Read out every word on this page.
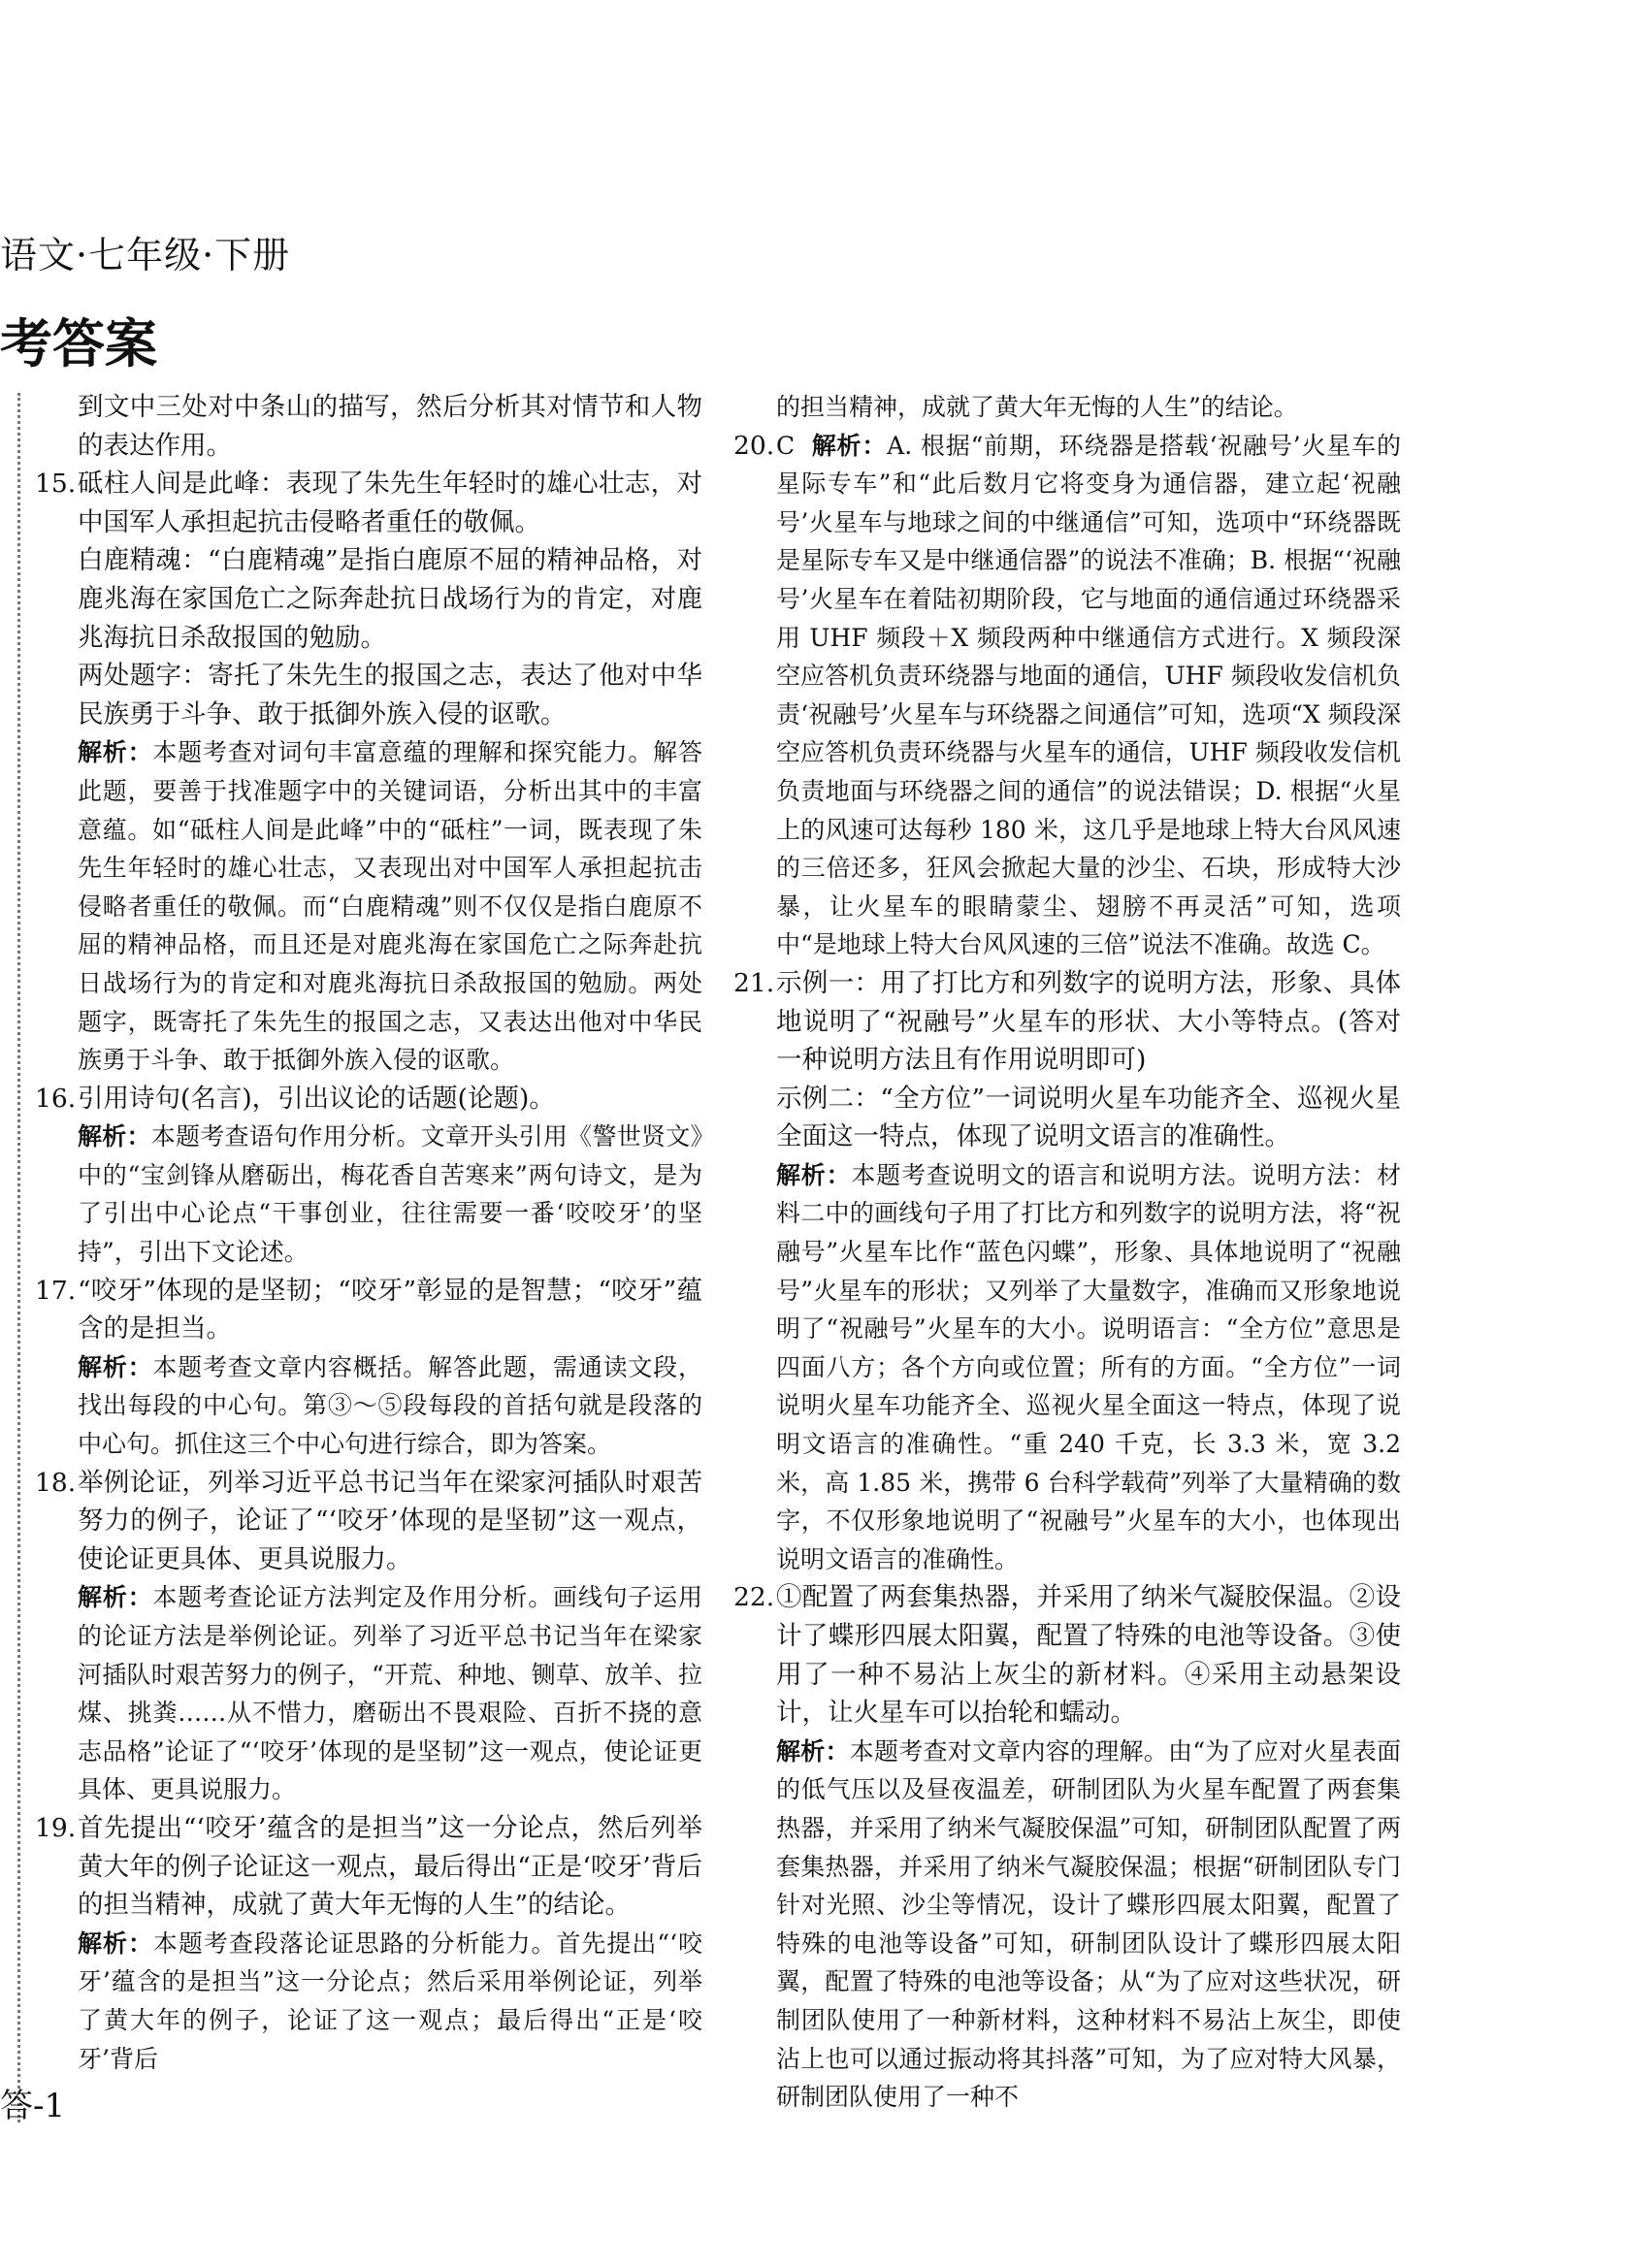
语文·七年级·下册
考答案

到文中三处对中条山的描写，然后分析其对情节和人物的表达作用。

15. 砥柱人间是此峰：表现了朱先生年轻时的雄心壮志，对中国军人承担起抗击侵略者重任的敬佩。

白鹿精魂：“白鹿精魂”是指白鹿原不屈的精神品格，对鹿兆海在家国危亡之际奔赴抗日战场行为的肯定，对鹿兆海抗日杀敌报国的勉励。

两处题字：寄托了朱先生的报国之志，表达了他对中华民族勇于斗争、敢于抵御外族入侵的讴歌。

解析：本题考查对词句丰富意蕴的理解和探究能力。解答此题，要善于找准题字中的关键词语，分析出其中的丰富意蕴。如“砥柱人间是此峰”中的“砥柱”一词，既表现了朱先生年轻时的雄心壮志，又表现出对中国军人承担起抗击侵略者重任的敬佩。而“白鹿精魂”则不仅仅是指白鹿原不屈的精神品格，而且还是对鹿兆海在家国危亡之际奔赴抗日战场行为的肯定和对鹿兆海抗日杀敌报国的勉励。两处题字，既寄托了朱先生的报国之志，又表达出他对中华民族勇于斗争、敢于抵御外族入侵的讴歌。

16. 引用诗句(名言)，引出议论的话题(论题)。

解析：本题考查语句作用分析。文章开头引用《警世贤文》中的“宝剑锋从磨砺出，梅花香自苦寒来”两句诗文，是为了引出中心论点“干事创业，往往需要一番‘咬咬牙’的坚持”，引出下文论述。

17. “咬牙”体现的是坚韧；“咬牙”彰显的是智慧；“咬牙”蕴含的是担当。

解析：本题考查文章内容概括。解答此题，需通读文段，找出每段的中心句。第③～⑤段每段的首括句就是段落的中心句。抓住这三个中心句进行综合，即为答案。

18. 举例论证，列举习近平总书记当年在梁家河插队时艰苦努力的例子，论证了“‘咬牙’体现的是坚韧”这一观点，使论证更具体、更具说服力。

解析：本题考查论证方法判定及作用分析。画线句子运用的论证方法是举例论证。列举了习近平总书记当年在梁家河插队时艰苦努力的例子，“开荒、种地、铡草、放羊、拉煤、挑粪……从不惜力，磨砺出不畏艰险、百折不挠的意志品格”论证了“‘咬牙’体现的是坚韧”这一观点，使论证更具体、更具说服力。

19. 首先提出“‘咬牙’蕴含的是担当”这一分论点，然后列举黄大年的例子论证这一观点，最后得出“正是‘咬牙’背后的担当精神，成就了黄大年无悔的人生”的结论。

解析：本题考查段落论证思路的分析能力。首先提出“‘咬牙’蕴含的是担当”这一分论点；然后采用举例论证，列举了黄大年的例子，论证了这一观点；最后得出“正是‘咬牙’背后

的担当精神，成就了黄大年无悔的人生”的结论。

20. C 解析：A. 根据“前期，环绕器是搭载‘祝融号’火星车的星际专车”和“此后数月它将变身为通信器，建立起‘祝融号’火星车与地球之间的中继通信”可知，选项中“环绕器既是星际专车又是中继通信器”的说法不准确；B. 根据“‘祝融号’火星车在着陆初期阶段，它与地面的通信通过环绕器采用 UHF 频段＋X 频段两种中继通信方式进行。X 频段深空应答机负责环绕器与地面的通信，UHF 频段收发信机负责‘祝融号’火星车与环绕器之间通信”可知，选项“X 频段深空应答机负责环绕器与火星车的通信，UHF 频段收发信机负责地面与环绕器之间的通信”的说法错误；D. 根据“火星上的风速可达每秒 180 米，这几乎是地球上特大台风风速的三倍还多，狂风会掀起大量的沙尘、石块，形成特大沙暴，让火星车的眼睛蒙尘、翅膀不再灵活”可知，选项中“是地球上特大台风风速的三倍”说法不准确。故选 C。

21. 示例一：用了打比方和列数字的说明方法，形象、具体地说明了“祝融号”火星车的形状、大小等特点。(答对一种说明方法且有作用说明即可)

示例二：“全方位”一词说明火星车功能齐全、巡视火星全面这一特点，体现了说明文语言的准确性。

解析：本题考查说明文的语言和说明方法。说明方法：材料二中的画线句子用了打比方和列数字的说明方法，将“祝融号”火星车比作“蓝色闪蝶”，形象、具体地说明了“祝融号”火星车的形状；又列举了大量数字，准确而又形象地说明了“祝融号”火星车的大小。说明语言：“全方位”意思是四面八方；各个方向或位置；所有的方面。“全方位”一词说明火星车功能齐全、巡视火星全面这一特点，体现了说明文语言的准确性。“重 240 千克，长 3.3 米，宽 3.2 米，高 1.85 米，携带 6 台科学载荷”列举了大量精确的数字，不仅形象地说明了“祝融号”火星车的大小，也体现出说明文语言的准确性。

22. ①配置了两套集热器，并采用了纳米气凝胶保温。②设计了蝶形四展太阳翼，配置了特殊的电池等设备。③使用了一种不易沾上灰尘的新材料。④采用主动悬架设计，让火星车可以抬轮和蠕动。

解析：本题考查对文章内容的理解。由“为了应对火星表面的低气压以及昼夜温差，研制团队为火星车配置了两套集热器，并采用了纳米气凝胶保温”可知，研制团队配置了两套集热器，并采用了纳米气凝胶保温；根据“研制团队专门针对光照、沙尘等情况，设计了蝶形四展太阳翼，配置了特殊的电池等设备”可知，研制团队设计了蝶形四展太阳翼，配置了特殊的电池等设备；从“为了应对这些状况，研制团队使用了一种新材料，这种材料不易沾上灰尘，即使沾上也可以通过振动将其抖落”可知，为了应对特大风暴，研制团队使用了一种不

答-1
